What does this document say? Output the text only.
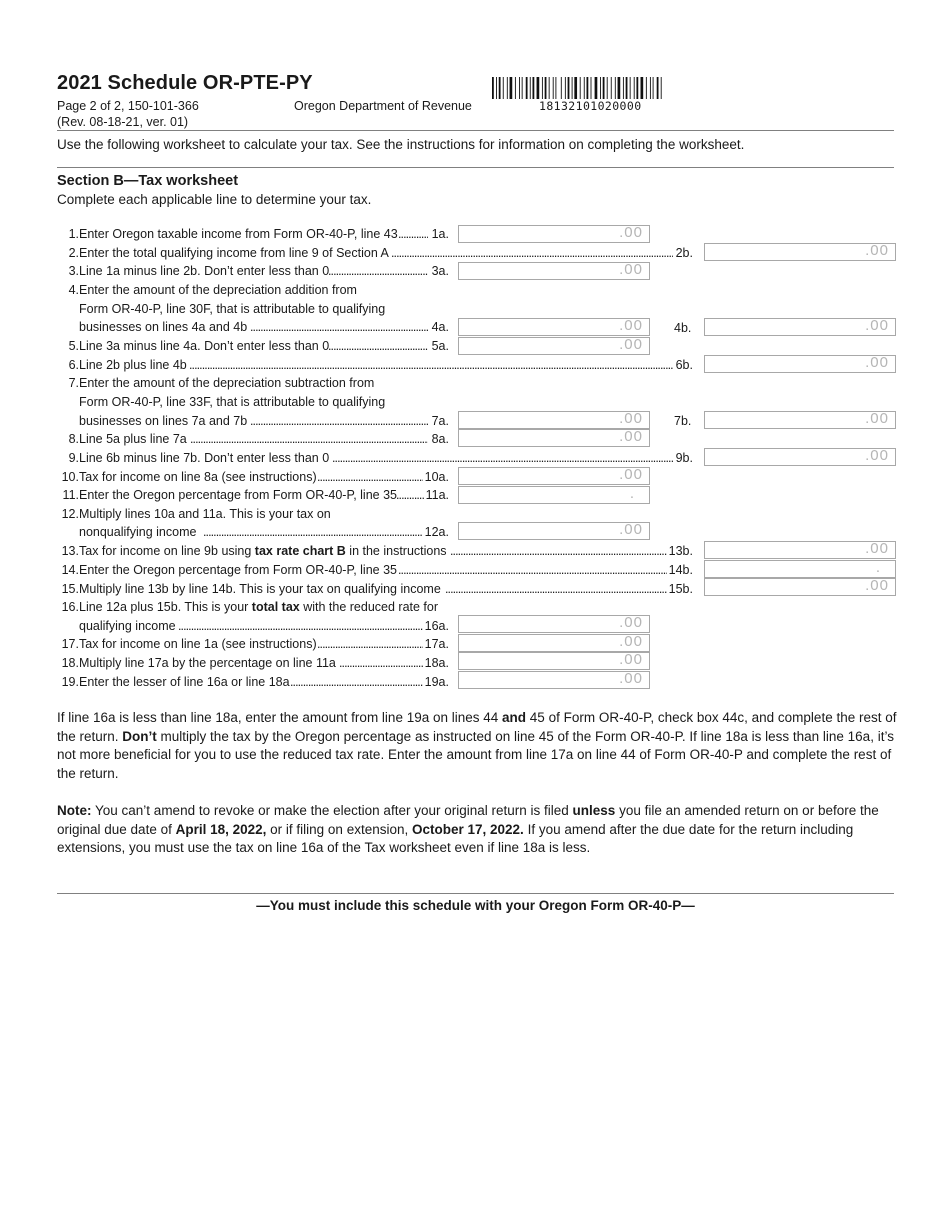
2021 Schedule OR-PTE-PY
Page 2 of 2, 150-101-366
(Rev. 08-18-21, ver. 01)
Oregon Department of Revenue	18132101020000
Use the following worksheet to calculate your tax. See the instructions for information on completing the worksheet.
Section B—Tax worksheet
Complete each applicable line to determine your tax.
1. Enter Oregon taxable income from Form OR-40-P, line 43 . . .	1a.	.00
2. Enter the total qualifying income from line 9 of Section A . . .	2b.	.00
3. Line 1a minus line 2b. Don’t enter less than 0 . . .	3a.	.00
4. Enter the amount of the depreciation addition from
Form OR-40-P, line 30F, that is attributable to qualifying
businesses on lines 4a and 4b . . .	4a.	.00 4b.	.00
5. Line 3a minus line 4a. Don’t enter less than 0 . . .	5a.	.00
6. Line 2b plus line 4b . . .	6b.	.00
7. Enter the amount of the depreciation subtraction from
Form OR-40-P, line 33F, that is attributable to qualifying
businesses on lines 7a and 7b . . .	7a.	.00 7b.	.00
8. Line 5a plus line 7a . . .	8a.	.00
9. Line 6b minus line 7b. Don’t enter less than 0 . . .	9b.	.00
10. Tax for income on line 8a (see instructions) . . .	10a.	.00
11. Enter the Oregon percentage from Form OR-40-P, line 35 . . .	11a.	.
12. Multiply lines 10a and 11a. This is your tax on
nonqualifying income . . .	12a.	.00
13. Tax for income on line 9b using tax rate chart B in the instructions . . .	13b.	.00
14. Enter the Oregon percentage from Form OR-40-P, line 35 . . .	14b.	.
15. Multiply line 13b by line 14b. This is your tax on qualifying income . . .	15b.	.00
16. Line 12a plus 15b. This is your total tax with the reduced rate for
qualifying income . . .	16a.	.00
17. Tax for income on line 1a (see instructions) . . .	17a.	.00
18. Multiply line 17a by the percentage on line 11a . . .	18a.	.00
19. Enter the lesser of line 16a or line 18a . . .	19a.	.00
If line 16a is less than line 18a, enter the amount from line 19a on lines 44 and 45 of Form OR-40-P, check box 44c, and complete the rest of the return. Don’t multiply the tax by the Oregon percentage as instructed on line 45 of the Form OR-40-P. If line 18a is less than line 16a, it’s not more beneficial for you to use the reduced tax rate. Enter the amount from line 17a on line 44 of Form OR-40-P and complete the rest of the return.
Note: You can’t amend to revoke or make the election after your original return is filed unless you file an amended return on or before the original due date of April 18, 2022, or if filing on extension, October 17, 2022. If you amend after the due date for the return including extensions, you must use the tax on line 16a of the Tax worksheet even if line 18a is less.
—You must include this schedule with your Oregon Form OR-40-P—
